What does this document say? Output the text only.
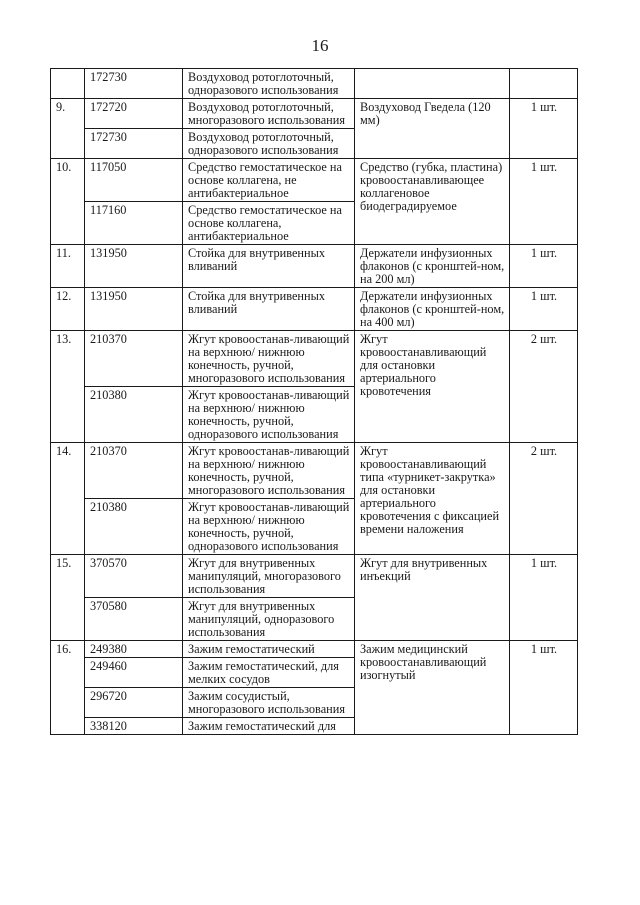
16
	172730	Воздуховод ротоглоточный, одноразового использования		
9.	172720	Воздуховод ротоглоточный, многоразового использования	Воздуховод Гведела (120 мм)	1 шт.
	172730	Воздуховод ротоглоточный, одноразового использования		
10.	117050	Средство гемостатическое на основе коллагена, не антибактериальное	Средство (губка, пластина) кровоостанавливающее коллагеновое биодеградируемое	1 шт.
	117160	Средство гемостатическое на основе коллагена, антибактериальное		
11.	131950	Стойка для внутривенных вливаний	Держатели инфузионных флаконов (с кронштей-ном, на 200 мл)	1 шт.
12.	131950	Стойка для внутривенных вливаний	Держатели инфузионных флаконов (с кронштей-ном, на 400 мл)	1 шт.
13.	210370	Жгут кровоостанав-ливающий на верхнюю/ нижнюю конечность, ручной, многоразового использования	Жгут кровоостанавливающий для остановки артериального кровотечения	2 шт.
	210380	Жгут кровоостанав-ливающий на верхнюю/ нижнюю конечность, ручной, одноразового использования		
14.	210370	Жгут кровоостанав-ливающий на верхнюю/ нижнюю конечность, ручной, многоразового использования	Жгут кровоостанавливающий типа «турникет-закрутка» для остановки артериального кровотечения с фиксацией времени наложения	2 шт.
	210380	Жгут кровоостанав-ливающий на верхнюю/ нижнюю конечность, ручной, одноразового использования		
15.	370570	Жгут для внутривенных манипуляций, многоразового использования	Жгут для внутривенных инъекций	1 шт.
	370580	Жгут для внутривенных манипуляций, одноразового использования		
16.	249380	Зажим гемостатический	Зажим медицинский кровоостанавливающий изогнутый	1 шт.
	249460	Зажим гемостатический, для мелких сосудов		
	296720	Зажим сосудистый, многоразового использования		
	338120	Зажим гемостатический для		
